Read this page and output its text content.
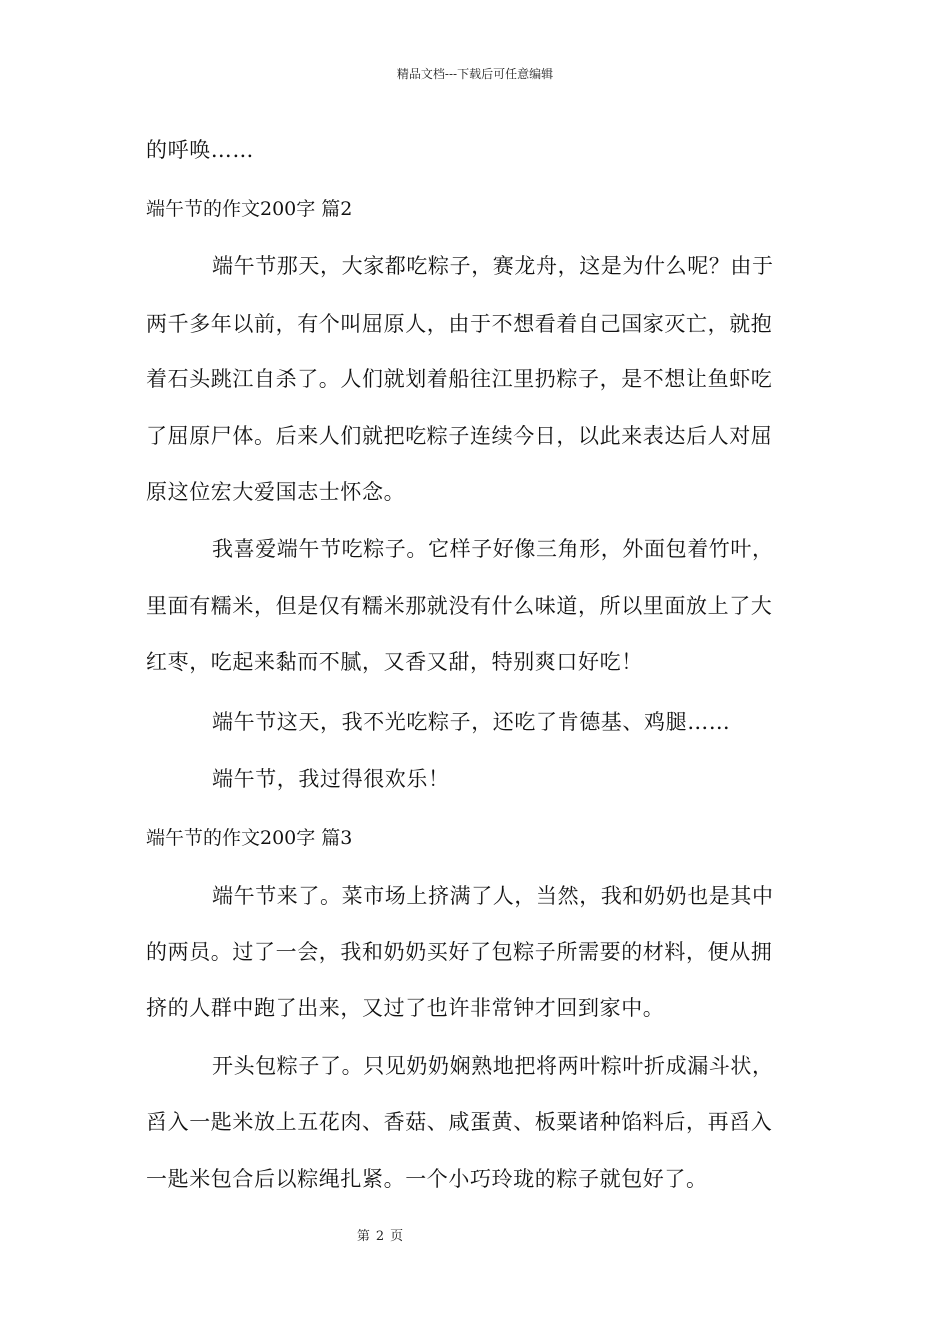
精品文档---下载后可任意编辑
的呼唤……
端午节的作文200字 篇2
端午节那天，大家都吃粽子，赛龙舟，这是为什么呢？由于
两千多年以前，有个叫屈原人，由于不想看着自己国家灭亡，就抱
着石头跳江自杀了。人们就划着船往江里扔粽子，是不想让鱼虾吃
了屈原尸体。后来人们就把吃粽子连续今日，以此来表达后人对屈
原这位宏大爱国志士怀念。
我喜爱端午节吃粽子。它样子好像三角形，外面包着竹叶，
里面有糯米，但是仅有糯米那就没有什么味道，所以里面放上了大
红枣，吃起来黏而不腻，又香又甜，特别爽口好吃！
端午节这天，我不光吃粽子，还吃了肯德基、鸡腿……
端午节，我过得很欢乐！
端午节的作文200字 篇3
端午节来了。菜市场上挤满了人，当然，我和奶奶也是其中
的两员。过了一会，我和奶奶买好了包粽子所需要的材料，便从拥
挤的人群中跑了出来，又过了也许非常钟才回到家中。
开头包粽子了。只见奶奶娴熟地把将两叶粽叶折成漏斗状，
舀入一匙米放上五花肉、香菇、咸蛋黄、板粟诸种馅料后，再舀入
一匙米包合后以粽绳扎紧。一个小巧玲珑的粽子就包好了。
第 2 页
